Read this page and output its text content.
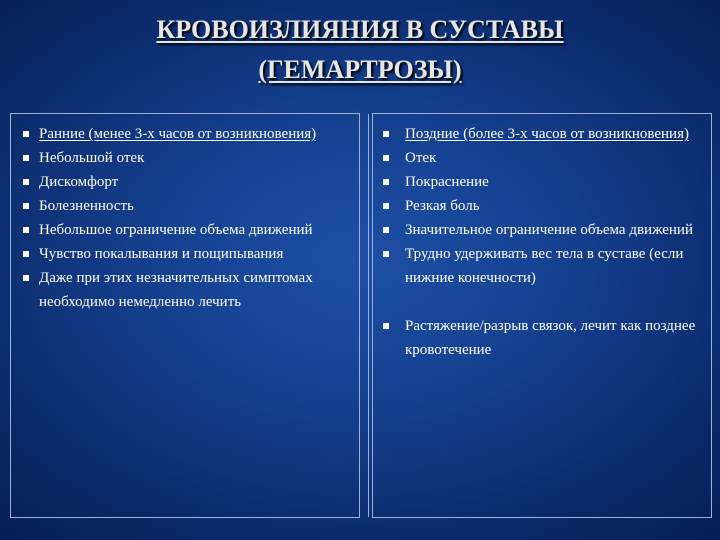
КРОВОИЗЛИЯНИЯ В СУСТАВЫ
(ГЕМАРТРОЗЫ)
Ранние (менее 3-х часов от возникновения)
Небольшой отек
Дискомфорт
Болезненность
Небольшое ограничение объема движений
Чувство покалывания и пощипывания
Даже при этих незначительных симптомах необходимо немедленно лечить
Поздние (более 3-х часов от возникновения)
Отек
Покраснение
Резкая боль
Значительное ограничение объема движений
Трудно удерживать вес тела в суставе (если нижние конечности)
Растяжение/разрыв связок, лечит как позднее кровотечение
